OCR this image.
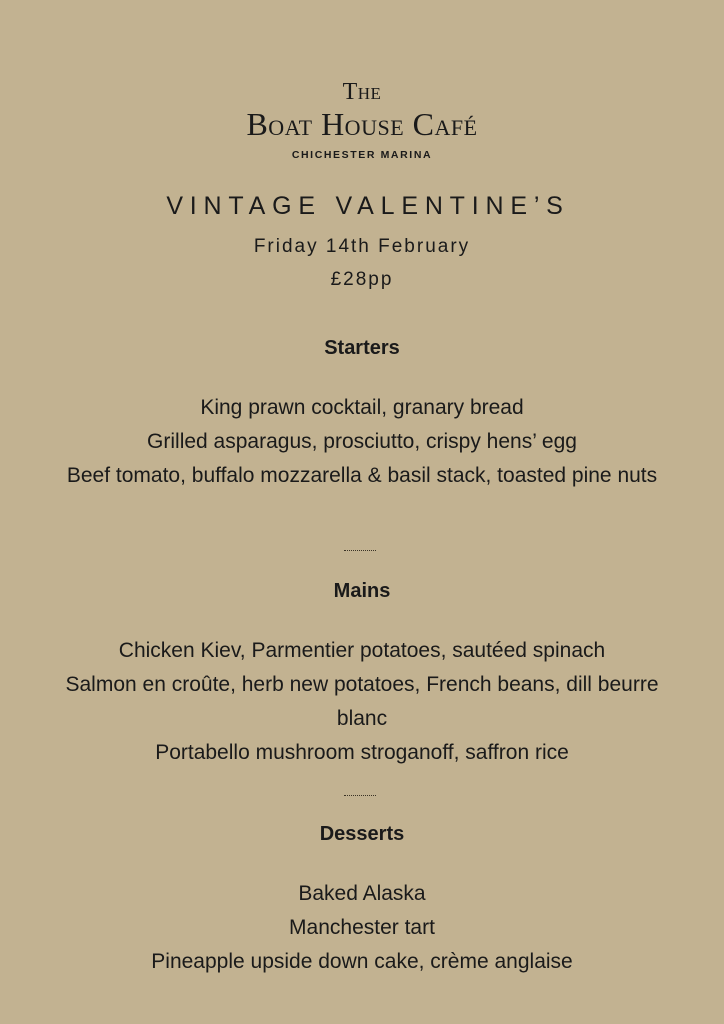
The
Boat House Café
CHICHESTER MARINA
VINTAGE VALENTINE’S
Friday 14th February
£28pp
Starters
King prawn cocktail, granary bread
Grilled asparagus, prosciutto, crispy hens’ egg
Beef tomato, buffalo mozzarella & basil stack, toasted pine nuts
Mains
Chicken Kiev, Parmentier potatoes, sautéed spinach
Salmon en croûte, herb new potatoes, French beans, dill beurre blanc
Portabello mushroom stroganoff, saffron rice
Desserts
Baked Alaska
Manchester tart
Pineapple upside down cake, crème anglaise
